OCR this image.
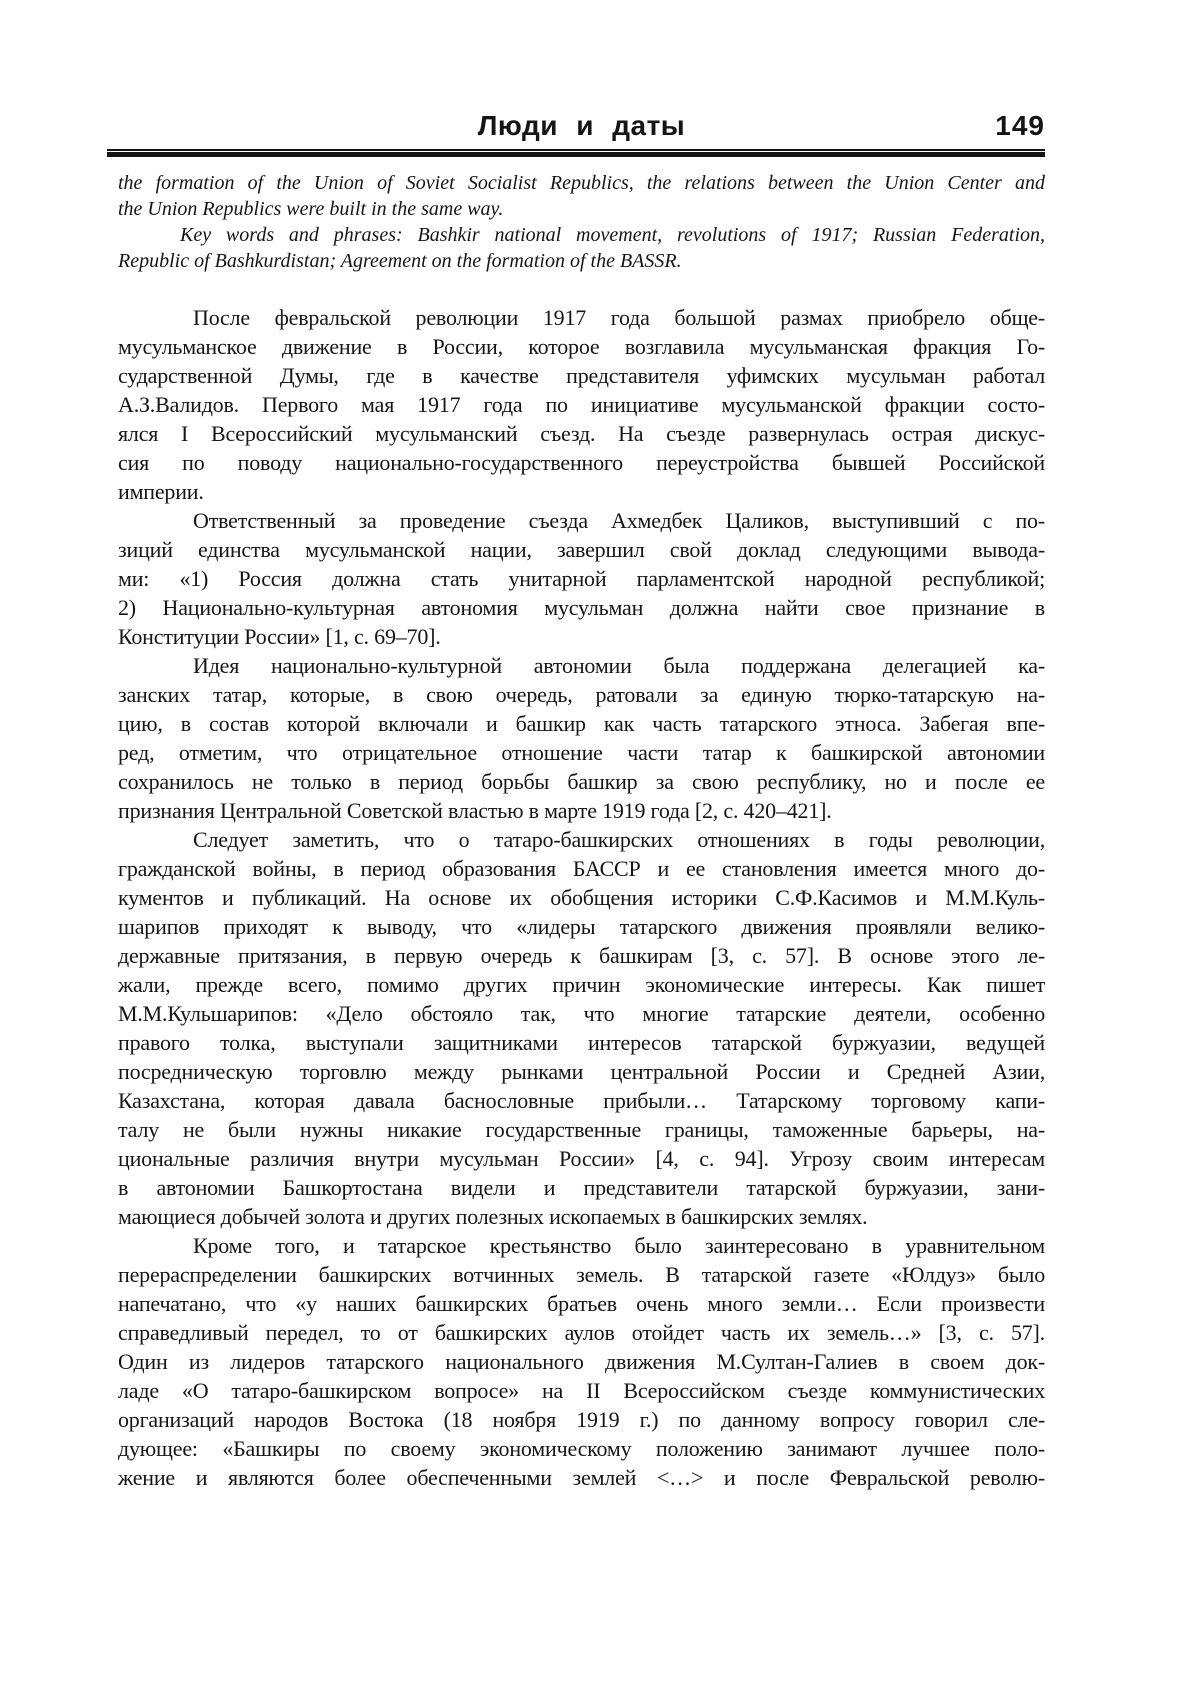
Люди и даты	149
the formation of the Union of Soviet Socialist Republics, the relations between the Union Center and
the Union Republics were built in the same way.
Key words and phrases: Bashkir national movement, revolutions of 1917; Russian Federation,
Republic of Bashkurdistan; Agreement on the formation of the BASSR.
После февральской революции 1917 года большой размах приобрело обще-
мусульманское движение в России, которое возглавила мусульманская фракция Го-
сударственной Думы, где в качестве представителя уфимских мусульман работал
А.З.Валидов. Первого мая 1917 года по инициативе мусульманской фракции состо-
ялся I Всероссийский мусульманский съезд. На съезде развернулась острая дискус-
сия по поводу национально-государственного переустройства бывшей Российской
империи.
Ответственный за проведение съезда Ахмедбек Цаликов, выступивший с по-
зиций единства мусульманской нации, завершил свой доклад следующими вывода-
ми: «1) Россия должна стать унитарной парламентской народной республикой;
2) Национально-культурная автономия мусульман должна найти свое признание в
Конституции России» [1, с. 69–70].
Идея национально-культурной автономии была поддержана делегацией ка-
занских татар, которые, в свою очередь, ратовали за единую тюрко-татарскую на-
цию, в состав которой включали и башкир как часть татарского этноса. Забегая впе-
ред, отметим, что отрицательное отношение части татар к башкирской автономии
сохранилось не только в период борьбы башкир за свою республику, но и после ее
признания Центральной Советской властью в марте 1919 года [2, с. 420–421].
Следует заметить, что о татаро-башкирских отношениях в годы революции,
гражданской войны, в период образования БАССР и ее становления имеется много до-
кументов и публикаций. На основе их обобщения историки С.Ф.Касимов и М.М.Куль-
шарипов приходят к выводу, что «лидеры татарского движения проявляли велико-
державные притязания, в первую очередь к башкирам [3, с. 57]. В основе этого ле-
жали, прежде всего, помимо других причин экономические интересы. Как пишет
М.М.Кульшарипов: «Дело обстояло так, что многие татарские деятели, особенно
правого толка, выступали защитниками интересов татарской буржуазии, ведущей
посредническую торговлю между рынками центральной России и Средней Азии,
Казахстана, которая давала баснословные прибыли… Татарскому торговому капи-
талу не были нужны никакие государственные границы, таможенные барьеры, на-
циональные различия внутри мусульман России» [4, с. 94]. Угрозу своим интересам
в автономии Башкортостана видели и представители татарской буржуазии, зани-
мающиеся добычей золота и других полезных ископаемых в башкирских землях.
Кроме того, и татарское крестьянство было заинтересовано в уравнительном
перераспределении башкирских вотчинных земель. В татарской газете «Юлдуз» было
напечатано, что «у наших башкирских братьев очень много земли… Если произвести
справедливый передел, то от башкирских аулов отойдет часть их земель…» [3, с. 57].
Один из лидеров татарского национального движения М.Султан-Галиев в своем док-
ладе «О татаро-башкирском вопросе» на II Всероссийском съезде коммунистических
организаций народов Востока (18 ноября 1919 г.) по данному вопросу говорил сле-
дующее: «Башкиры по своему экономическому положению занимают лучшее поло-
жение и являются более обеспеченными землей <…> и после Февральской револю-
